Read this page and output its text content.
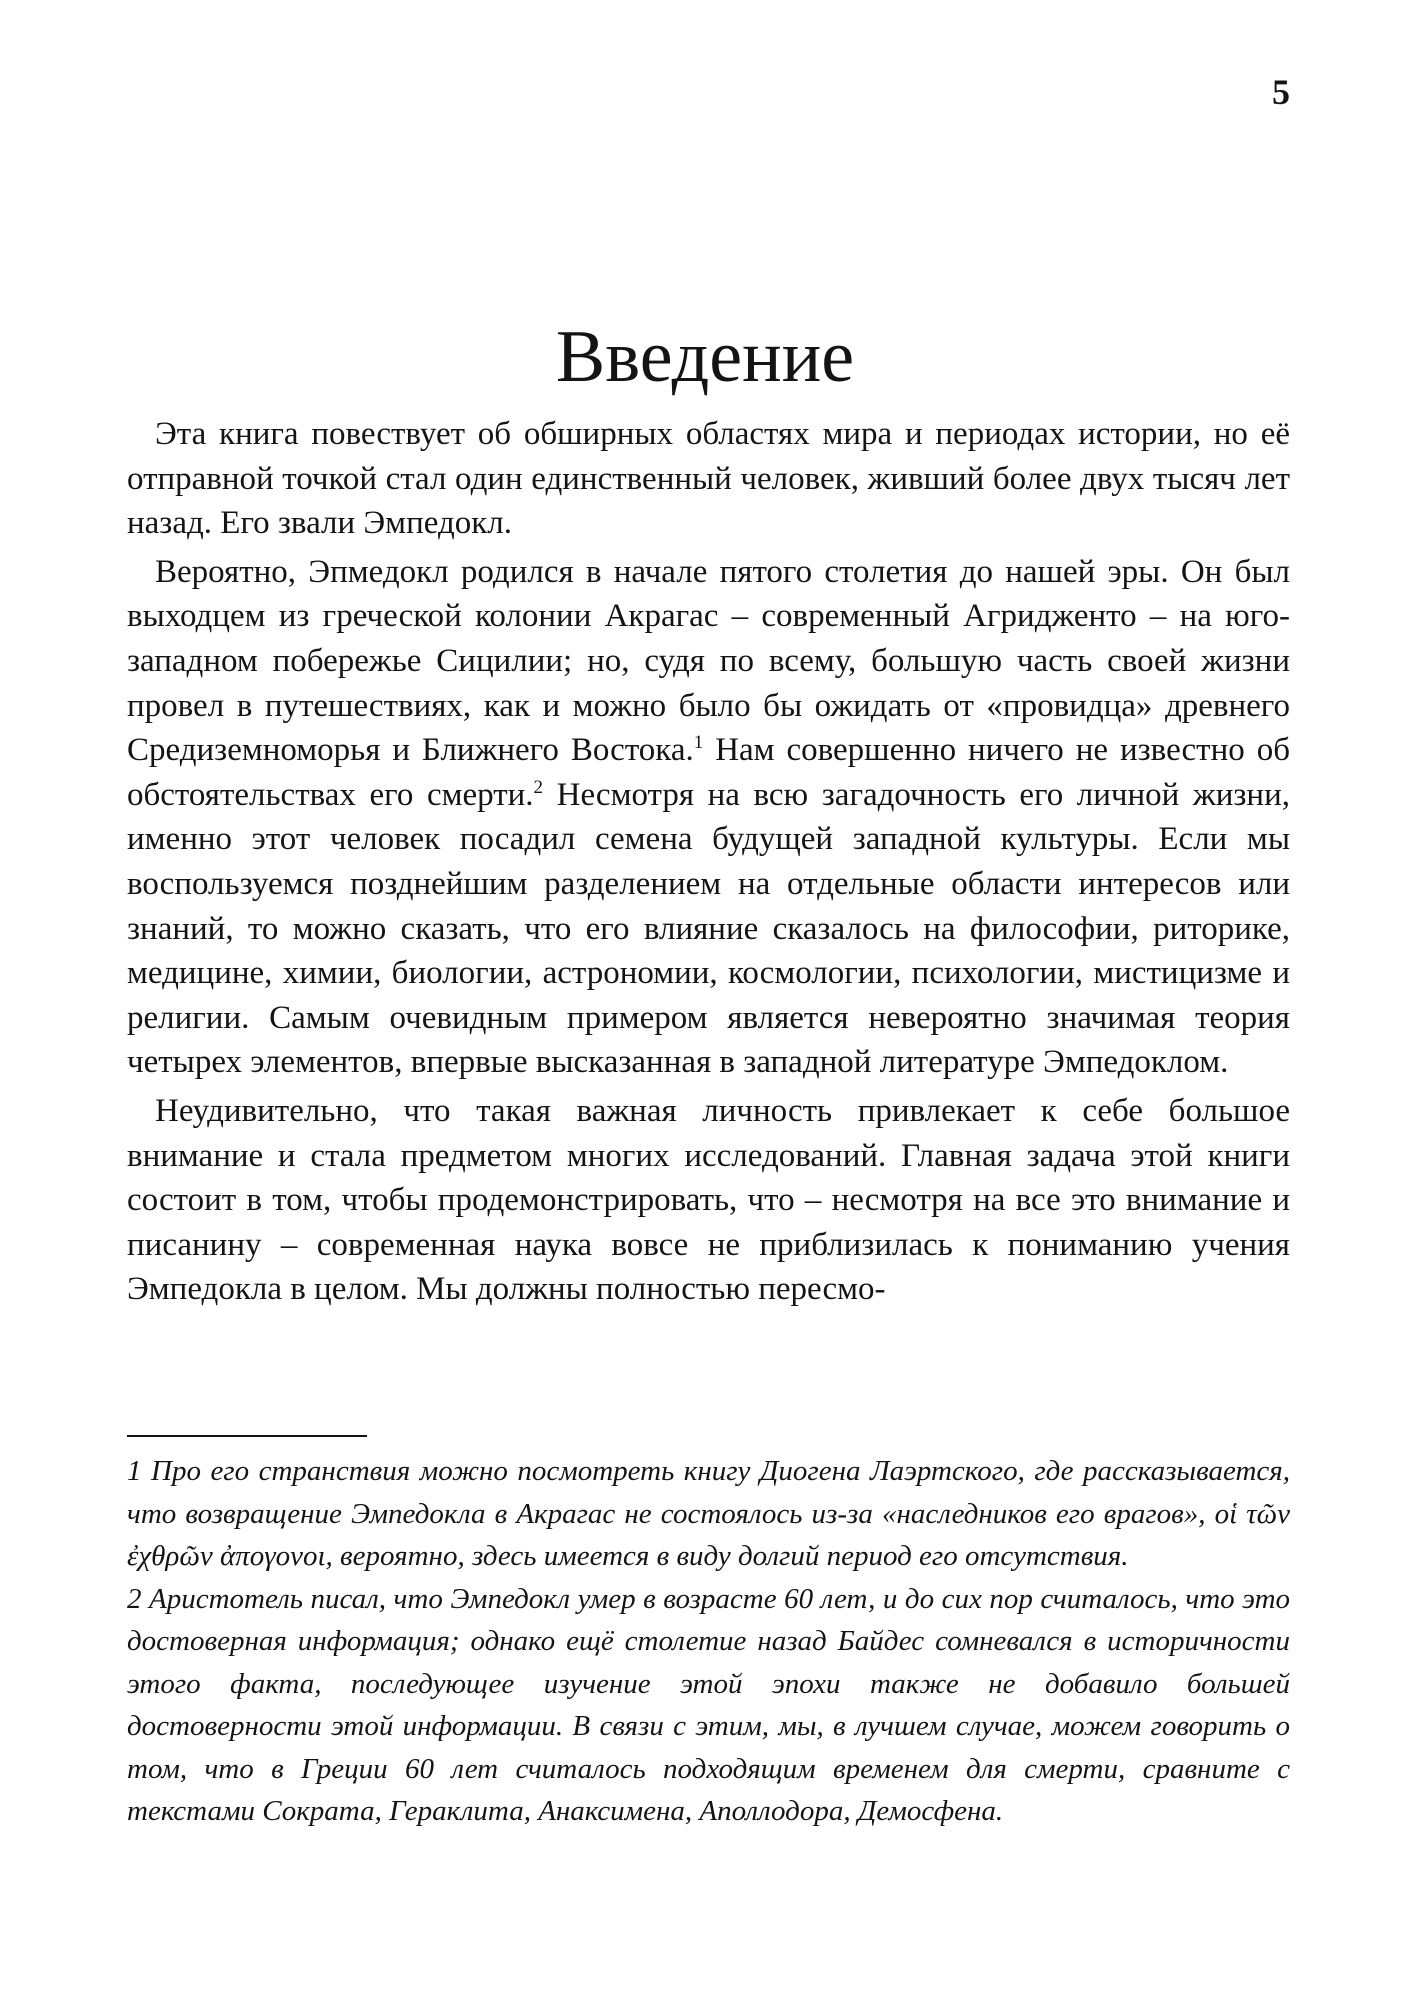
5
Введение

Эта книга повествует об обширных областях мира и периодах истории, но её отправной точкой стал один единственный человек, живший более двух тысяч лет назад. Его звали Эмпедокл.

Вероятно, Эпмедокл родился в начале пятого столетия до нашей эры. Он был выходцем из греческой колонии Акрагас – современный Агридженто – на юго-западном побережье Сицилии; но, судя по всему, большую часть своей жизни провел в путешествиях, как и можно было бы ожидать от «провидца» древнего Средиземноморья и Ближнего Востока.$^1$ Нам совершенно ничего не известно об обстоятельствах его смерти.$^2$ Несмотря на всю загадочность его личной жизни, именно этот человек посадил семена будущей западной культуры. Если мы воспользуемся позднейшим разделением на отдельные области интересов или знаний, то можно сказать, что его влияние сказалось на философии, риторике, медицине, химии, биологии, астрономии, космологии, психологии, мистицизме и религии. Самым очевидным примером является невероятно значимая теория четырех элементов, впервые высказанная в западной литературе Эмпедоклом.

Неудивительно, что такая важная личность привлекает к себе большое внимание и стала предметом многих исследований. Главная задача этой книги состоит в том, чтобы продемонстрировать, что – несмотря на все это внимание и писанину – современная наука вовсе не приблизилась к пониманию учения Эмпедокла в целом. Мы должны полностью пересмо-

1 Про его странствия можно посмотреть книгу Диогена Лаэртского, где рассказывается, что возвращение Эмпедокла в Акрагас не состоялось из-за «наследников его врагов», οἱ τῶν ἐχθρῶν ἀπογονοι, вероятно, здесь имеется в виду долгий период его отсутствия.

2 Аристотель писал, что Эмпедокл умер в возрасте 60 лет, и до сих пор считалось, что это достоверная информация; однако ещё столетие назад Байдес сомневался в историчности этого факта, последующее изучение этой эпохи также не добавило большей достоверности этой информации. В связи с этим, мы, в лучшем случае, можем говорить о том, что в Греции 60 лет считалось подходящим временем для смерти, сравните с текстами Сократа, Гераклита, Анаксимена, Аполлодора, Демосфена.
